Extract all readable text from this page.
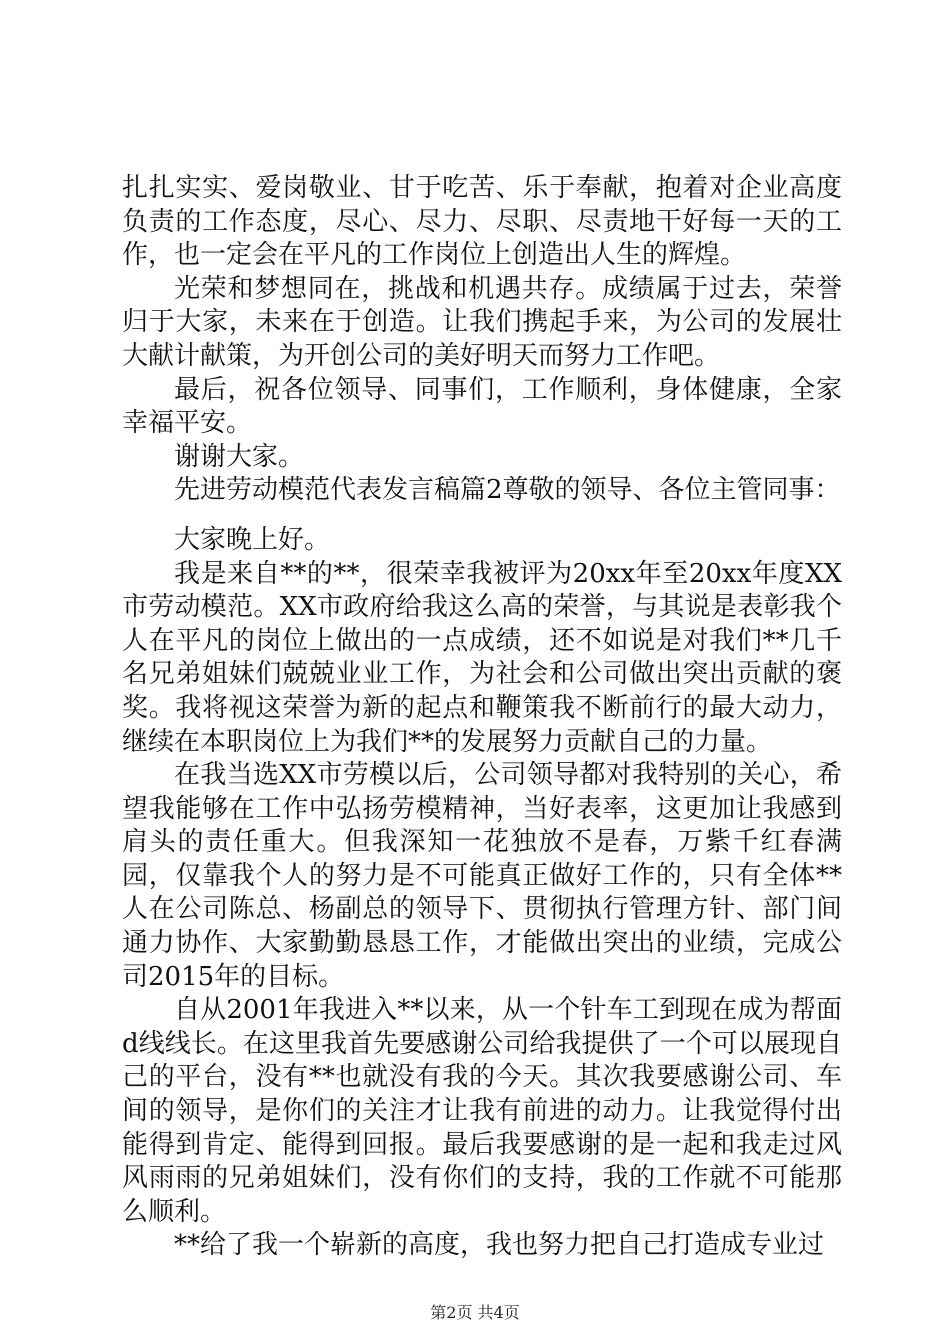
扎扎实实、爱岗敬业、甘于吃苦、乐于奉献，抱着对企业高度负责的工作态度，尽心、尽力、尽职、尽责地干好每一天的工作，也一定会在平凡的工作岗位上创造出人生的辉煌。

光荣和梦想同在，挑战和机遇共存。成绩属于过去，荣誉归于大家，未来在于创造。让我们携起手来，为公司的发展壮大献计献策，为开创公司的美好明天而努力工作吧。

最后，祝各位领导、同事们，工作顺利，身体健康，全家幸福平安。

谢谢大家。

先进劳动模范代表发言稿篇2尊敬的领导、各位主管同事：

大家晚上好。

我是来自**的**，很荣幸我被评为20xx年至20xx年度XX市劳动模范。XX市政府给我这么高的荣誉，与其说是表彰我个人在平凡的岗位上做出的一点成绩，还不如说是对我们**几千名兄弟姐妹们兢兢业业工作，为社会和公司做出突出贡献的褒奖。我将视这荣誉为新的起点和鞭策我不断前行的最大动力，继续在本职岗位上为我们**的发展努力贡献自己的力量。

在我当选XX市劳模以后，公司领导都对我特别的关心，希望我能够在工作中弘扬劳模精神，当好表率，这更加让我感到肩头的责任重大。但我深知一花独放不是春，万紫千红春满园，仅靠我个人的努力是不可能真正做好工作的，只有全体**人在公司陈总、杨副总的领导下、贯彻执行管理方针、部门间通力协作、大家勤勤恳恳工作，才能做出突出的业绩，完成公司2015年的目标。

自从2001年我进入**以来，从一个针车工到现在成为帮面d线线长。在这里我首先要感谢公司给我提供了一个可以展现自己的平台，没有**也就没有我的今天。其次我要感谢公司、车间的领导，是你们的关注才让我有前进的动力。让我觉得付出能得到肯定、能得到回报。最后我要感谢的是一起和我走过风风雨雨的兄弟姐妹们，没有你们的支持，我的工作就不可能那么顺利。

**给了我一个崭新的高度，我也努力把自己打造成专业过

第2页 共4页
